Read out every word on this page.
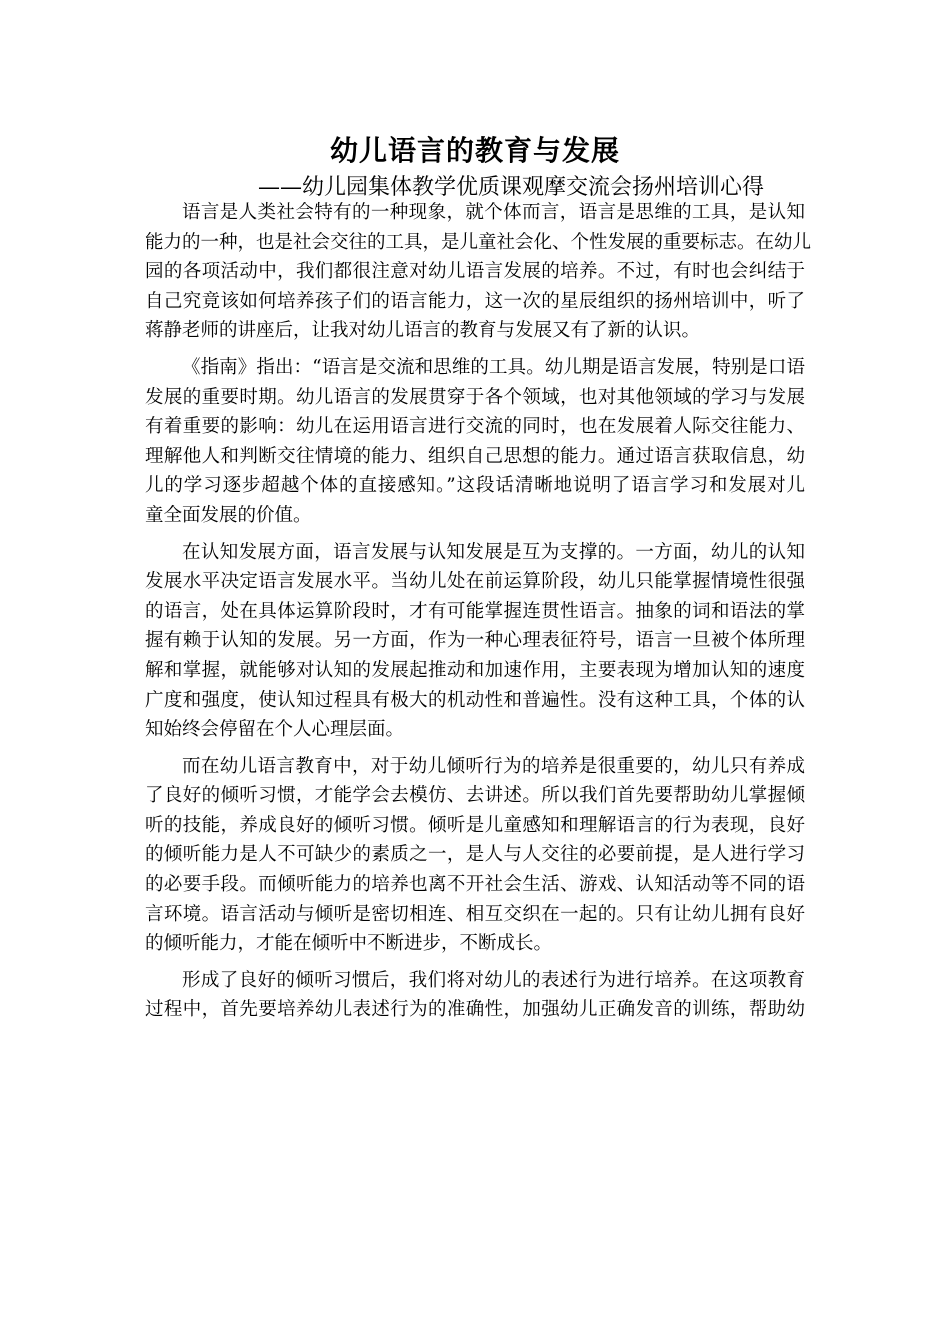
幼儿语言的教育与发展
——幼儿园集体教学优质课观摩交流会扬州培训心得

语言是人类社会特有的一种现象，就个体而言，语言是思维的工具，是认知
能力的一种，也是社会交往的工具，是儿童社会化、个性发展的重要标志。在幼儿
园的各项活动中，我们都很注意对幼儿语言发展的培养。不过，有时也会纠结于
自己究竟该如何培养孩子们的语言能力，这一次的星辰组织的扬州培训中，听了
蒋静老师的讲座后，让我对幼儿语言的教育与发展又有了新的认识。

《指南》指出：“语言是交流和思维的工具。幼儿期是语言发展，特别是口语
发展的重要时期。幼儿语言的发展贯穿于各个领域，也对其他领域的学习与发展
有着重要的影响：幼儿在运用语言进行交流的同时，也在发展着人际交往能力、
理解他人和判断交往情境的能力、组织自己思想的能力。通过语言获取信息，幼
儿的学习逐步超越个体的直接感知。”这段话清晰地说明了语言学习和发展对儿
童全面发展的价值。

在认知发展方面，语言发展与认知发展是互为支撑的。一方面，幼儿的认知
发展水平决定语言发展水平。当幼儿处在前运算阶段，幼儿只能掌握情境性很强
的语言，处在具体运算阶段时，才有可能掌握连贯性语言。抽象的词和语法的掌
握有赖于认知的发展。另一方面，作为一种心理表征符号，语言一旦被个体所理
解和掌握，就能够对认知的发展起推动和加速作用，主要表现为增加认知的速度
广度和强度，使认知过程具有极大的机动性和普遍性。没有这种工具，个体的认
知始终会停留在个人心理层面。

而在幼儿语言教育中，对于幼儿倾听行为的培养是很重要的，幼儿只有养成
了良好的倾听习惯，才能学会去模仿、去讲述。所以我们首先要帮助幼儿掌握倾
听的技能，养成良好的倾听习惯。倾听是儿童感知和理解语言的行为表现，良好
的倾听能力是人不可缺少的素质之一，是人与人交往的必要前提，是人进行学习
的必要手段。而倾听能力的培养也离不开社会生活、游戏、认知活动等不同的语
言环境。语言活动与倾听是密切相连、相互交织在一起的。只有让幼儿拥有良好
的倾听能力，才能在倾听中不断进步，不断成长。

形成了良好的倾听习惯后，我们将对幼儿的表述行为进行培养。在这项教育
过程中，首先要培养幼儿表述行为的准确性，加强幼儿正确发音的训练，帮助幼
